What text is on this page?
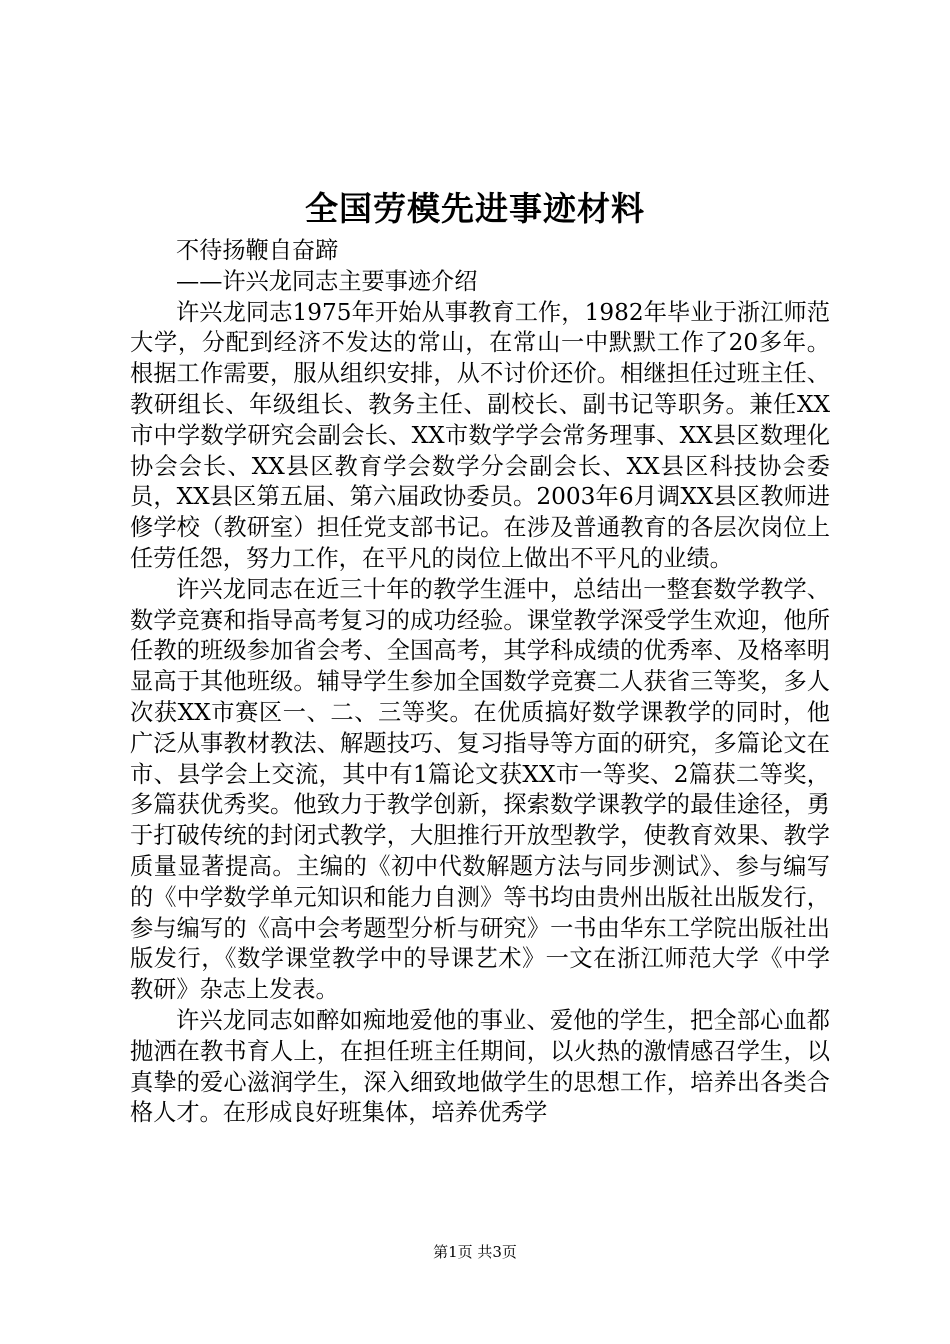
全国劳模先进事迹材料

不待扬鞭自奋蹄

——许兴龙同志主要事迹介绍

许兴龙同志1975年开始从事教育工作，1982年毕业于浙江师范大学，分配到经济不发达的常山，在常山一中默默工作了20多年。根据工作需要，服从组织安排，从不讨价还价。相继担任过班主任、教研组长、年级组长、教务主任、副校长、副书记等职务。兼任XX市中学数学研究会副会长、XX市数学学会常务理事、XX县区数理化协会会长、XX县区教育学会数学分会副会长、XX县区科技协会委员，XX县区第五届、第六届政协委员。2003年6月调XX县区教师进修学校（教研室）担任党支部书记。在涉及普通教育的各层次岗位上任劳任怨，努力工作，在平凡的岗位上做出不平凡的业绩。

许兴龙同志在近三十年的教学生涯中，总结出一整套数学教学、数学竞赛和指导高考复习的成功经验。课堂教学深受学生欢迎，他所任教的班级参加省会考、全国高考，其学科成绩的优秀率、及格率明显高于其他班级。辅导学生参加全国数学竞赛二人获省三等奖，多人次获XX市赛区一、二、三等奖。在优质搞好数学课教学的同时，他广泛从事教材教法、解题技巧、复习指导等方面的研究，多篇论文在市、县学会上交流，其中有1篇论文获XX市一等奖、2篇获二等奖，多篇获优秀奖。他致力于教学创新，探索数学课教学的最佳途径，勇于打破传统的封闭式教学，大胆推行开放型教学，使教育效果、教学质量显著提高。主编的《初中代数解题方法与同步测试》、参与编写的《中学数学单元知识和能力自测》等书均由贵州出版社出版发行，参与编写的《高中会考题型分析与研究》一书由华东工学院出版社出版发行，《数学课堂教学中的导课艺术》一文在浙江师范大学《中学教研》杂志上发表。

许兴龙同志如醉如痴地爱他的事业、爱他的学生，把全部心血都抛洒在教书育人上，在担任班主任期间，以火热的激情感召学生，以真挚的爱心滋润学生，深入细致地做学生的思想工作，培养出各类合格人才。在形成良好班集体，培养优秀学

第1页 共3页
